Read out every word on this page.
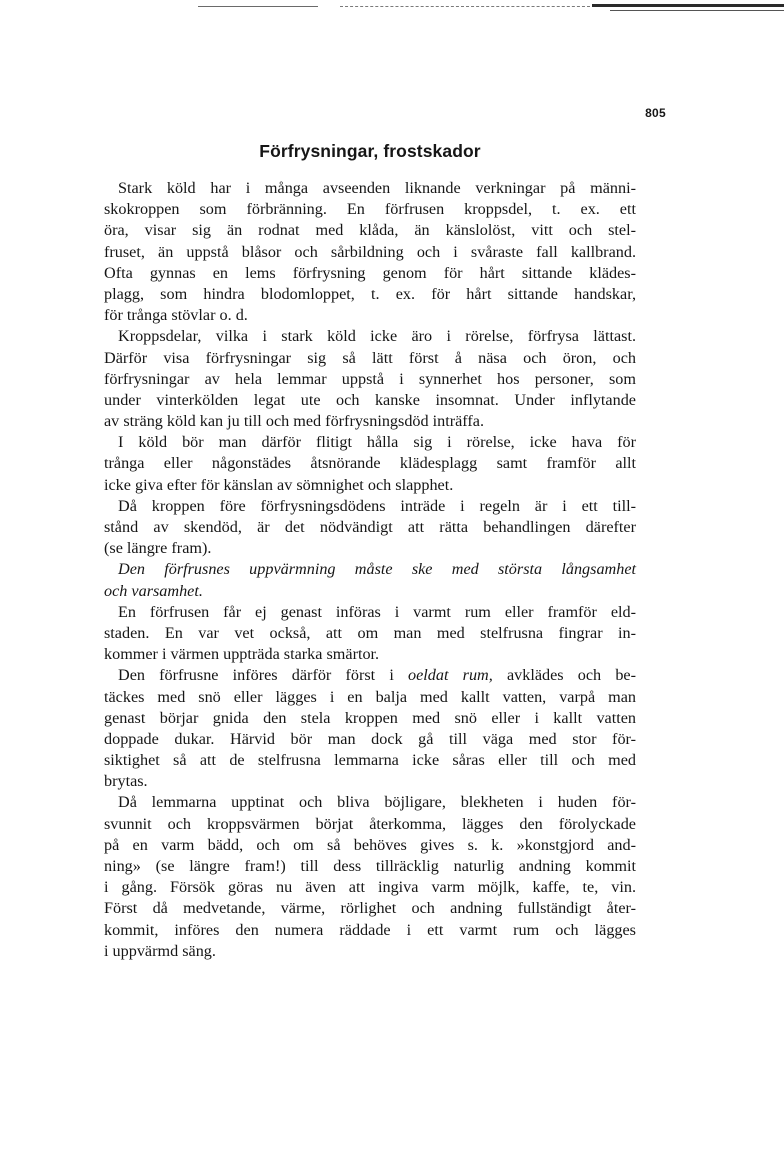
805
Förfrysningar, frostskador
Stark köld har i många avseenden liknande verkningar på männi-
skokroppen som förbränning. En förfrusen kroppsdel, t. ex. ett
öra, visar sig än rodnat med klåda, än känslolöst, vitt och stel-
fruset, än uppstå blåsor och sårbildning och i svåraste fall kallbrand.
Ofta gynnas en lems förfrysning genom för hårt sittande klädes-
plagg, som hindra blodomloppet, t. ex. för hårt sittande handskar,
för trånga stövlar o. d.
Kroppsdelar, vilka i stark köld icke äro i rörelse, förfrysa lättast.
Därför visa förfrysningar sig så lätt först å näsa och öron, och
förfrysningar av hela lemmar uppstå i synnerhet hos personer, som
under vinterkölden legat ute och kanske insomnat. Under inflytande
av sträng köld kan ju till och med förfrysningsdöd inträffa.
I köld bör man därför flitigt hålla sig i rörelse, icke hava för
trånga eller någonstädes åtsnörande klädesplagg samt framför allt
icke giva efter för känslan av sömnighet och slapphet.
Då kroppen före förfrysningsdödens inträde i regeln är i ett till-
stånd av skendöd, är det nödvändigt att rätta behandlingen därefter
(se längre fram).
Den förfrusnes uppvärmning måste ske med största långsamhet
och varsamhet.
En förfrusen får ej genast införas i varmt rum eller framför eld-
staden. En var vet också, att om man med stelfrusna fingrar in-
kommer i värmen uppträda starka smärtor.
Den förfrusne införes därför först i oeldat rum, avklädes och be-
täckes med snö eller lägges i en balja med kallt vatten, varpå man
genast börjar gnida den stela kroppen med snö eller i kallt vatten
doppade dukar. Härvid bör man dock gå till väga med stor för-
siktighet så att de stelfrusna lemmarna icke såras eller till och med
brytas.
Då lemmarna upptinat och bliva böjligare, blekheten i huden för-
svunnit och kroppsvärmen börjat återkomma, lägges den förolyckade
på en varm bädd, och om så behöves gives s. k. »konstgjord and-
ning» (se längre fram!) till dess tillräcklig naturlig andning kommit
i gång. Försök göras nu även att ingiva varm möjlk, kaffe, te, vin.
Först då medvetande, värme, rörlighet och andning fullständigt åter-
kommit, införes den numera räddade i ett varmt rum och lägges
i uppvärmd säng.
